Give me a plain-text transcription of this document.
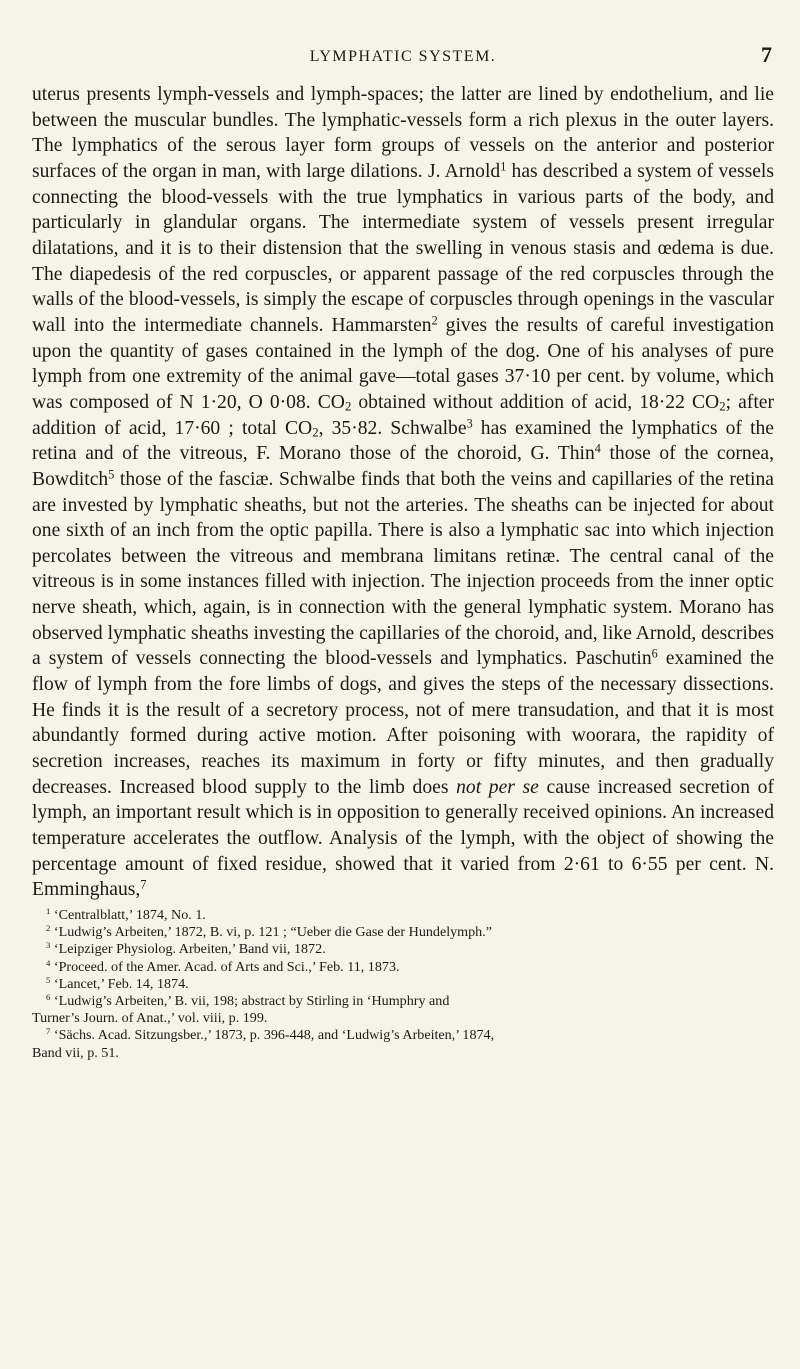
LYMPHATIC SYSTEM.	7

uterus presents lymph-vessels and lymph-spaces; the latter are lined by endothelium, and lie between the muscular bundles. The lymphatic-vessels form a rich plexus in the outer layers. The lymphatics of the serous layer form groups of vessels on the anterior and posterior surfaces of the organ in man, with large dilations. J. Arnold$^1$ has described a system of vessels connecting the blood-vessels with the true lymphatics in various parts of the body, and particularly in glandular organs. The intermediate system of vessels present irregular dilatations, and it is to their distension that the swelling in venous stasis and œdema is due. The diapedesis of the red corpuscles, or apparent passage of the red corpuscles through the walls of the blood-vessels, is simply the escape of corpuscles through openings in the vascular wall into the intermediate channels. Hammarsten$^2$ gives the results of careful investigation upon the quantity of gases contained in the lymph of the dog. One of his analyses of pure lymph from one extremity of the animal gave—total gases 37·10 per cent. by volume, which was composed of N 1·20, O 0·08. $CO_2$ obtained without addition of acid, 18·22 $CO_2$; after addition of acid, 17·60 ; total $CO_2$, 35·82. Schwalbe$^3$ has examined the lymphatics of the retina and of the vitreous, F. Morano those of the choroid, G. Thin$^4$ those of the cornea, Bowditch$^5$ those of the fasciæ. Schwalbe finds that both the veins and capillaries of the retina are invested by lymphatic sheaths, but not the arteries. The sheaths can be injected for about one sixth of an inch from the optic papilla. There is also a lymphatic sac into which injection percolates between the vitreous and membrana limitans retinæ. The central canal of the vitreous is in some instances filled with injection. The injection proceeds from the inner optic nerve sheath, which, again, is in connection with the general lymphatic system. Morano has observed lymphatic sheaths investing the capillaries of the choroid, and, like Arnold, describes a system of vessels connecting the blood-vessels and lymphatics. Paschutin$^6$ examined the flow of lymph from the fore limbs of dogs, and gives the steps of the necessary dissections. He finds it is the result of a secretory process, not of mere transudation, and that it is most abundantly formed during active motion. After poisoning with woorara, the rapidity of secretion increases, reaches its maximum in forty or fifty minutes, and then gradually decreases. Increased blood supply to the limb does not per se cause increased secretion of lymph, an important result which is in opposition to generally received opinions. An increased temperature accelerates the outflow. Analysis of the lymph, with the object of showing the percentage amount of fixed residue, showed that it varied from 2·61 to 6·55 per cent. N. Emminghaus,$^7$

$^1$ ‘Centralblatt,’ 1874, No. 1.

$^2$ ‘Ludwig’s Arbeiten,’ 1872, B. vi, p. 121 ; “Ueber die Gase der Hundelymph.”

$^3$ ‘Leipziger Physiolog. Arbeiten,’ Band vii, 1872.

$^4$ ‘Proceed. of the Amer. Acad. of Arts and Sci.,’ Feb. 11, 1873.

$^5$ ‘Lancet,’ Feb. 14, 1874.

$^6$ ‘Ludwig’s Arbeiten,’ B. vii, 198; abstract by Stirling in ‘Humphry and

Turner’s Journ. of Anat.,’ vol. viii, p. 199.

$^7$ ‘Sächs. Acad. Sitzungsber.,’ 1873, p. 396-448, and ‘Ludwig’s Arbeiten,’ 1874,

Band vii, p. 51.
